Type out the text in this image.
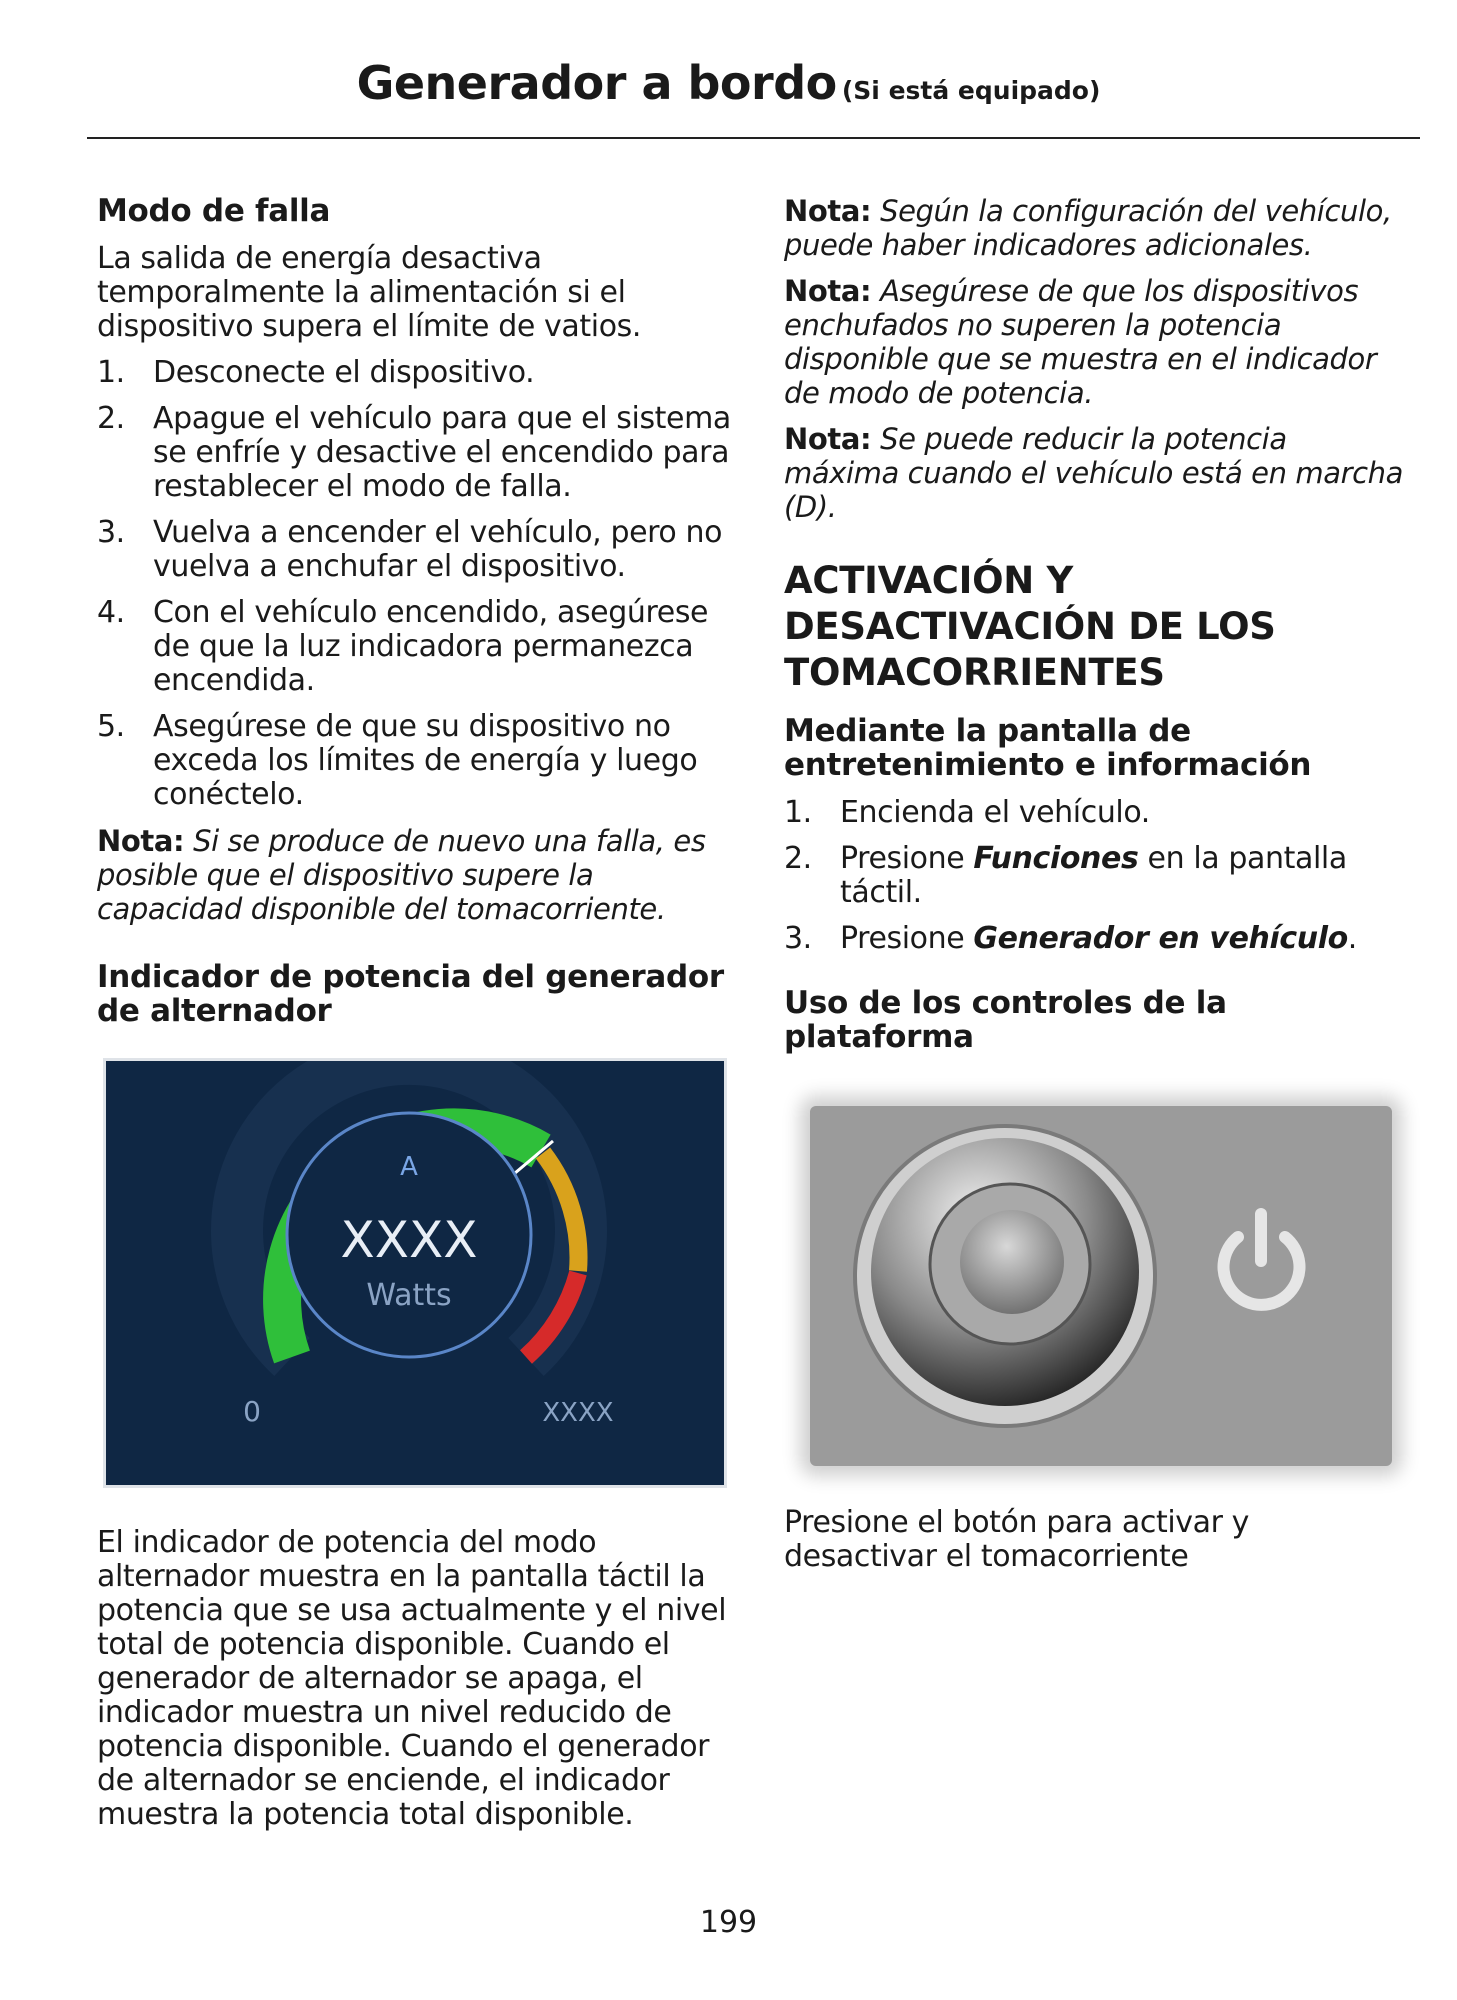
Generador a bordo (Si está equipado)
Modo de falla
La salida de energía desactiva temporalmente la alimentación si el dispositivo supera el límite de vatios.
1. Desconecte el dispositivo.
2. Apague el vehículo para que el sistema se enfríe y desactive el encendido para restablecer el modo de falla.
3. Vuelva a encender el vehículo, pero no vuelva a enchufar el dispositivo.
4. Con el vehículo encendido, asegúrese de que la luz indicadora permanezca encendida.
5. Asegúrese de que su dispositivo no exceda los límites de energía y luego conéctelo.
Nota: Si se produce de nuevo una falla, es posible que el dispositivo supere la capacidad disponible del tomacorriente.
Indicador de potencia del generador de alternador
A
XXXX
Watts
0	XXXX
El indicador de potencia del modo alternador muestra en la pantalla táctil la potencia que se usa actualmente y el nivel total de potencia disponible. Cuando el generador de alternador se apaga, el indicador muestra un nivel reducido de potencia disponible. Cuando el generador de alternador se enciende, el indicador muestra la potencia total disponible.
Nota: Según la configuración del vehículo, puede haber indicadores adicionales.
Nota: Asegúrese de que los dispositivos enchufados no superen la potencia disponible que se muestra en el indicador de modo de potencia.
Nota: Se puede reducir la potencia máxima cuando el vehículo está en marcha (D).
ACTIVACIÓN Y DESACTIVACIÓN DE LOS TOMACORRIENTES
Mediante la pantalla de entretenimiento e información
1. Encienda el vehículo.
2. Presione Funciones en la pantalla táctil.
3. Presione Generador en vehículo.
Uso de los controles de la plataforma
Presione el botón para activar y desactivar el tomacorriente
199
